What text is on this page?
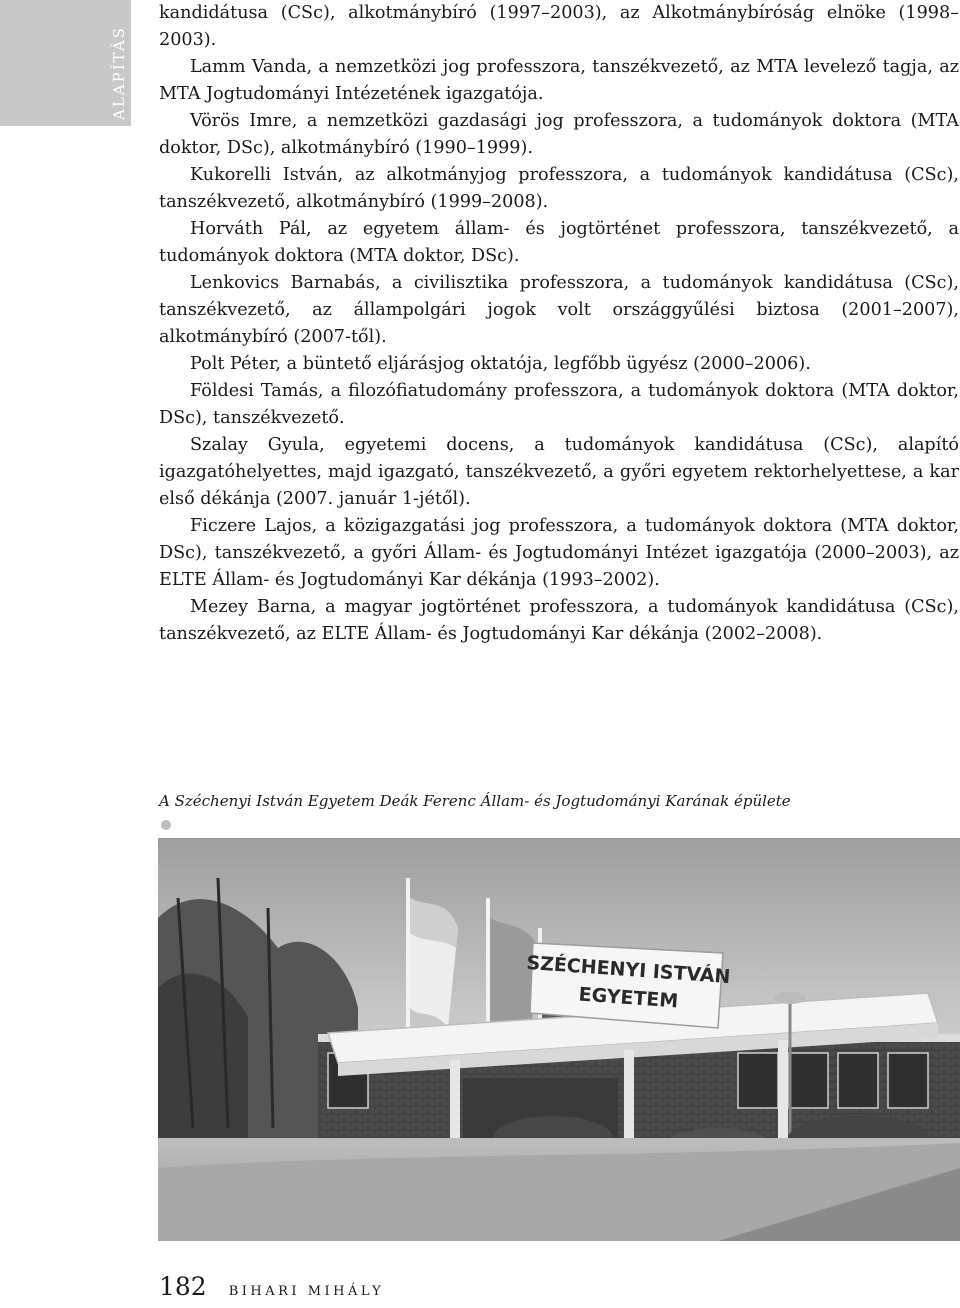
ALAPÍTÁS

kandidátusa (CSc), alkotmánybíró (1997–2003), az Alkotmánybíróság elnöke (1998–2003).

Lamm Vanda, a nemzetközi jog professzora, tanszékvezető, az MTA levelező tagja, az MTA Jogtudományi Intézetének igazgatója.

Vörös Imre, a nemzetközi gazdasági jog professzora, a tudományok doktora (MTA doktor, DSc), alkotmánybíró (1990–1999).

Kukorelli István, az alkotmányjog professzora, a tudományok kandidátusa (CSc), tanszékvezető, alkotmánybíró (1999–2008).

Horváth Pál, az egyetem állam- és jogtörténet professzora, tanszékvezető, a tudományok doktora (MTA doktor, DSc).

Lenkovics Barnabás, a civilisztika professzora, a tudományok kandidátusa (CSc), tanszékvezető, az állampolgári jogok volt országgyűlési biztosa (2001–2007), alkotmánybíró (2007-től).

Polt Péter, a büntető eljárásjog oktatója, legfőbb ügyész (2000–2006).

Földesi Tamás, a filozófiatudomány professzora, a tudományok doktora (MTA doktor, DSc), tanszékvezető.

Szalay Gyula, egyetemi docens, a tudományok kandidátusa (CSc), alapító igazgatóhelyettes, majd igazgató, tanszékvezető, a győri egyetem rektorhelyettese, a kar első dékánja (2007. január 1-jétől).

Ficzere Lajos, a közigazgatási jog professzora, a tudományok doktora (MTA doktor, DSc), tanszékvezető, a győri Állam- és Jogtudományi Intézet igazgatója (2000–2003), az ELTE Állam- és Jogtudományi Kar dékánja (1993–2002).

Mezey Barna, a magyar jogtörténet professzora, a tudományok kandidátusa (CSc), tanszékvezető, az ELTE Állam- és Jogtudományi Kar dékánja (2002–2008).

A Széchenyi István Egyetem Deák Ferenc Állam- és Jogtudományi Karának épülete
SZÉCHENYI ISTVÁN
EGYETEM
182 BIHARI MIHÁLY
